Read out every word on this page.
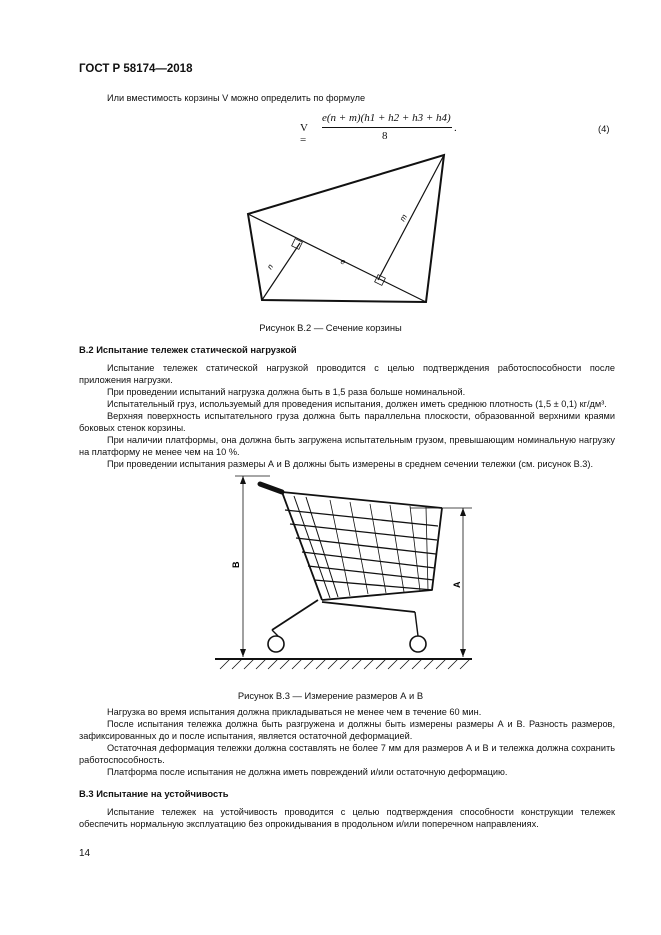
ГОСТ Р 58174—2018
Или вместимость корзины V можно определить по формуле
V =
e(n + m)(h1 + h2 + h3 + h4)
8
.	(4)
n
m
e
Рисунок В.2 — Сечение корзины
В.2 Испытание тележек статической нагрузкой
Испытание тележек статической нагрузкой проводится с целью подтверждения работоспособности после приложения нагрузки.
При проведении испытаний нагрузка должна быть в 1,5 раза больше номинальной.
Испытательный груз, используемый для проведения испытания, должен иметь среднюю плотность (1,5 ± 0,1) кг/дм³.
Верхняя поверхность испытательного груза должна быть параллельна плоскости, образованной верхними краями боковых стенок корзины.
При наличии платформы, она должна быть загружена испытательным грузом, превышающим номинальную нагрузку на платформу не менее чем на 10 %.
При проведении испытания размеры А и В должны быть измерены в среднем сечении тележки (см. рисунок В.3).
В
А
Рисунок В.3 — Измерение размеров А и В
Нагрузка во время испытания должна прикладываться не менее чем в течение 60 мин.
После испытания тележка должна быть разгружена и должны быть измерены размеры А и В. Разность размеров, зафиксированных до и после испытания, является остаточной деформацией.
Остаточная деформация тележки должна составлять не более 7 мм для размеров А и В и тележка должна сохранить работоспособность.
Платформа после испытания не должна иметь повреждений и/или остаточную деформацию.
В.3 Испытание на устойчивость
Испытание тележек на устойчивость проводится с целью подтверждения способности конструкции тележек обеспечить нормальную эксплуатацию без опрокидывания в продольном и/или поперечном направлениях.
14
